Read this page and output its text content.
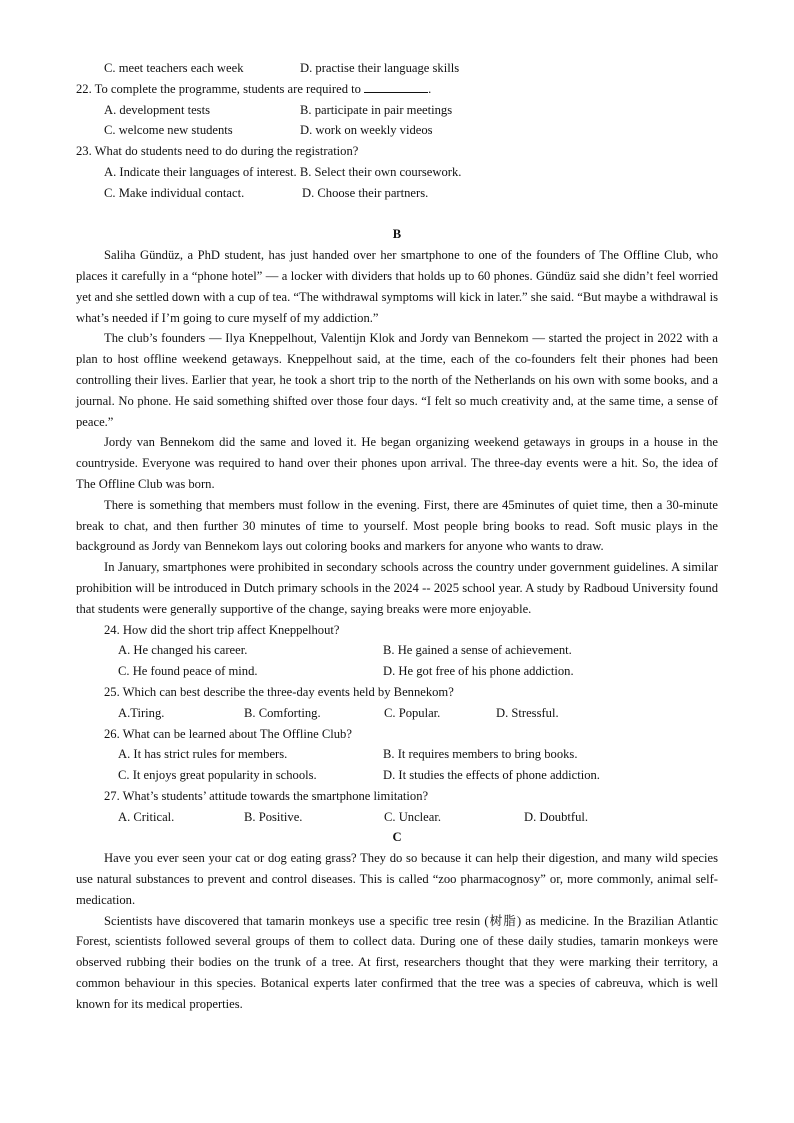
C. meet teachers each week	D. practise their language skills
22. To complete the programme, students are required to	.
A. development tests	B. participate in pair meetings
C. welcome new students	D. work on weekly videos
23. What do students need to do during the registration?
A. Indicate their languages of interest. B. Select their own coursework.
C. Make individual contact.	D. Choose their partners.
B

Saliha Gündüz, a PhD student, has just handed over her smartphone to one of the founders of The Offline Club, who places it carefully in a “phone hotel” — a locker with dividers that holds up to 60 phones. Gündüz said she didn’t feel worried yet and she settled down with a cup of tea. “The withdrawal symptoms will kick in later.” she said. “But maybe a withdrawal is what’s needed if I’m going to cure myself of my addiction.”

The club’s founders — Ilya Kneppelhout, Valentijn Klok and Jordy van Bennekom — started the project in 2022 with a plan to host offline weekend getaways. Kneppelhout said, at the time, each of the co-founders felt their phones had been controlling their lives. Earlier that year, he took a short trip to the north of the Netherlands on his own with some books, and a journal. No phone. He said something shifted over those four days. “I felt so much creativity and, at the same time, a sense of peace.”

Jordy van Bennekom did the same and loved it. He began organizing weekend getaways in groups in a house in the countryside. Everyone was required to hand over their phones upon arrival. The three-day events were a hit. So, the idea of The Offline Club was born.

There is something that members must follow in the evening. First, there are 45minutes of quiet time, then a 30-minute break to chat, and then further 30 minutes of time to yourself. Most people bring books to read. Soft music plays in the background as Jordy van Bennekom lays out coloring books and markers for anyone who wants to draw.

In January, smartphones were prohibited in secondary schools across the country under government guidelines. A similar prohibition will be introduced in Dutch primary schools in the 2024 -- 2025 school year. A study by Radboud University found that students were generally supportive of the change, saying breaks were more enjoyable.

24. How did the short trip affect Kneppelhout?
A. He changed his career.	B. He gained a sense of achievement.
C. He found peace of mind.	D. He got free of his phone addiction.
25. Which can best describe the three-day events held by Bennekom?
A.Tiring.	B. Comforting.	C. Popular.	D. Stressful.
26. What can be learned about The Offline Club?
A. It has strict rules for members.	B. It requires members to bring books.
C. It enjoys great popularity in schools.	D. It studies the effects of phone addiction.
27. What’s students’ attitude towards the smartphone limitation?
A. Critical.	B. Positive.	C. Unclear.	D. Doubtful.
C

Have you ever seen your cat or dog eating grass? They do so because it can help their digestion, and many wild species use natural substances to prevent and control diseases. This is called “zoo pharmacognosy” or, more commonly, animal self-medication.

Scientists have discovered that tamarin monkeys use a specific tree resin (树脂) as medicine. In the Brazilian Atlantic Forest, scientists followed several groups of them to collect data. During one of these daily studies, tamarin monkeys were observed rubbing their bodies on the trunk of a tree. At first, researchers thought that they were marking their territory, a common behaviour in this species. Botanical experts later confirmed that the tree was a species of cabreuva, which is well known for its medical properties.
